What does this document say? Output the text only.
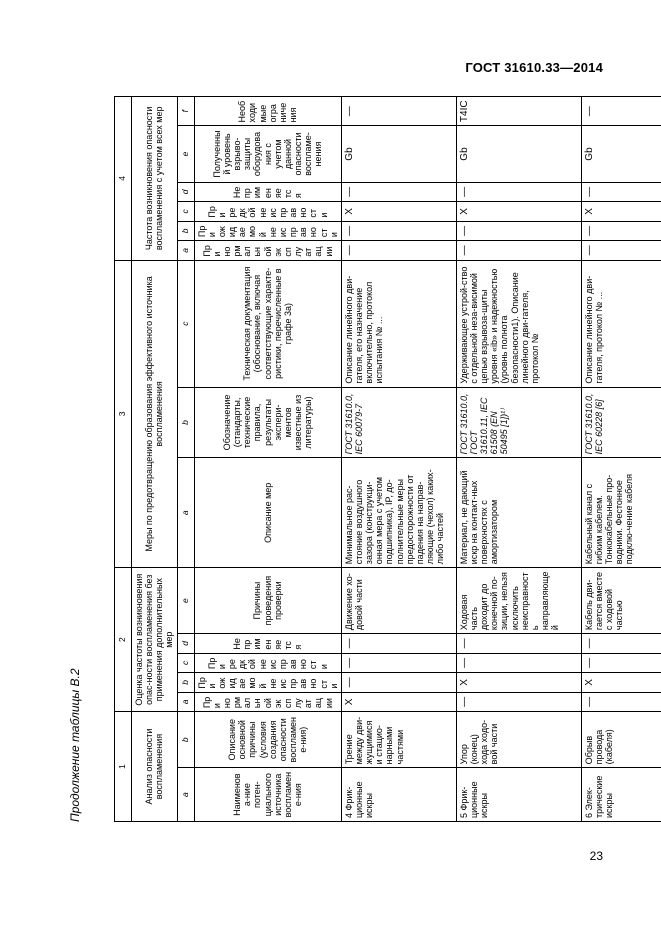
ГОСТ 31610.33—2014
Продолжение таблицы В.2	1		2					3			4					
Анализ опасности воспламенения		Оценка частоты возникновения опас-ности воспламенения без применения дополнительных мер					Меры по предотвращению образования эффективного источника воспламенения			Частота возникновения опасности воспламенения с учетом всех мер					
a	b	a	b	c	d	e	a	b	c	a	b	c	d	e	f
Наименова-ние потен-циального источника воспламене-ния	Описание основной причины (условия создания опасности воспламене-ния)	При нормальной эксплуатации	При ожидаемой неисправности	При редкой неисправности	Не применяется	Причины проведения проверки	Описание мер	Обозначение (стандарты, технические правила, результаты экспери-ментов известные из литературы)	Техническая документация (обоснование, включая соответствующие характе-ристики, перечисленные в графе 3а)	При нормальной эксплуатации	При ожидаемой неисправности	При редкой неисправности	Не применяется	Полученный уровень взрыво-защиты оборудования с учетом данной опасности воспламе-нения	Необходимые ограничения
4 Фрик-ционные искры	Трение между дви-жущимися и стацио-нарными частями	X	—	—	—	Движение хо-довой части	Минимальное рас-стояние воздушного зазора (конструкци-онная мера с учетом подшипника), IP, до-полнительные меры предосторожности от падения на направ-ляющие (чехол) каких-либо частей	ГОСТ 31610.0, IEC 60079-7	Описание линейного дви-гателя, его назначение включительно, протокол испытания № ...	—	—	X	—	Gb	—
5 Фрик-ционные искры	Упор (конец) хода ходо-вой части	—	X	—	—	Ходовая часть доходит до конечной по-зиции, нельзя исключить неисправность направляющей	Материал, не дающий искр на контакт-ных поверхностях с амортизатором	ГОСТ 31610.0, ГОСТ 31610.11, IEC 61508 (EN 50495 [1])¹⁾	Удерживающее устрой-ство с отдельной неза-висимой цепью взрывоза-щиты уровня «ib» и надежностью (уровнь полнота безопасности1). Описание линейного дви-гателя, протокол №	—	—	X	—	Gb	T4IC
6 Элек-трические искры	Обрыв провода (кабеля)	—	X	—	—	Кабель дви-гается вместе с ходовой частью	Кабельный канал с гибким кабелем. Тонкокабельные про-водники. Фестонное подклю-чение кабеля	ГОСТ 31610.0, IEC 60228 [6]	Описание линейного дви-гателя, протокол № ...	—	—	X	—	Gb	—
23
